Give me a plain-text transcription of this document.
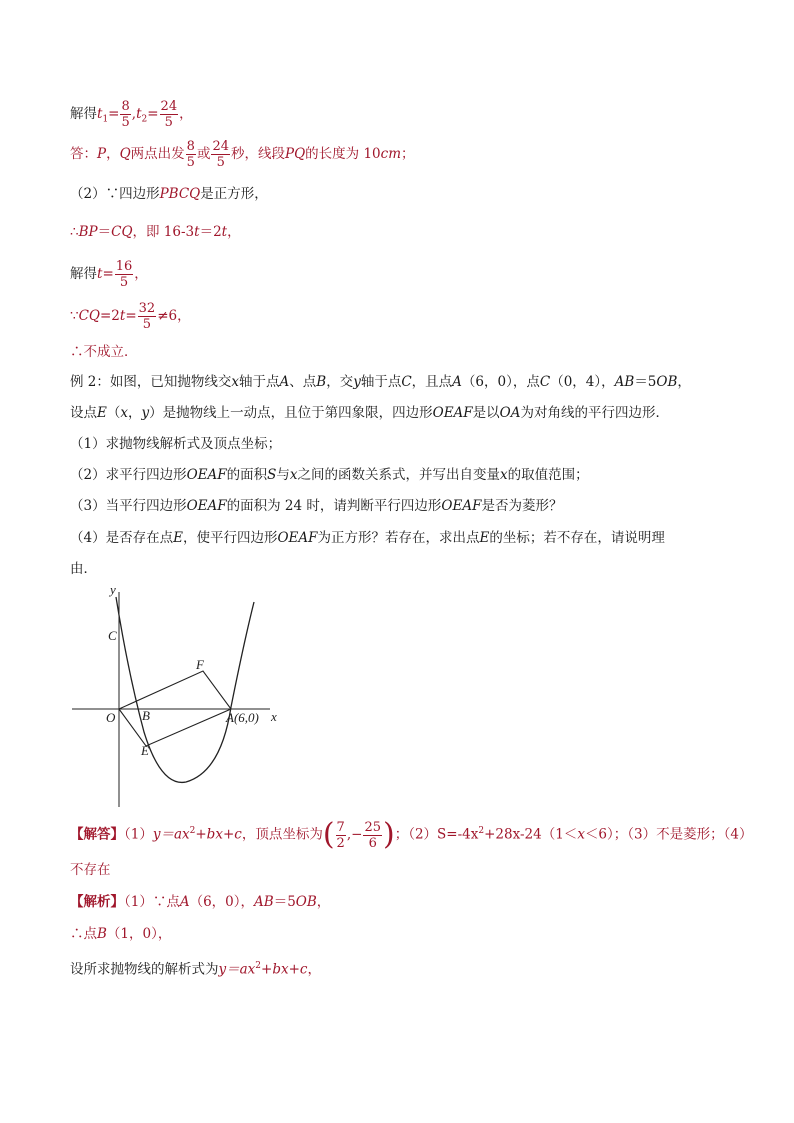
解得$t_1= \frac{8}{5} ,t_2= \frac{24}{5}$ ，
答：P，Q两点出发 $\frac{8}{5}$ 或 $\frac{24}{5}$ 秒，线段PQ的长度为 10cm；
（2）∵四边形PBCQ是正方形，
∴BP＝CQ，即 16-3t＝2t，
解得$t= \frac{16}{5}$ ，
∵CQ=2t= $\frac{32}{5} \ne 6$，
∴不成立．
例 2：如图，已知抛物线交x轴于点A、点B，交y轴于点C，且点A（6，0），点C（0，4），AB＝5OB，
设点E（x，y）是抛物线上一动点，且位于第四象限，四边形OEAF是以OA为对角线的平行四边形．
（1）求抛物线解析式及顶点坐标；
（2）求平行四边形OEAF的面积S与x之间的函数关系式，并写出自变量x的取值范围；
（3）当平行四边形OEAF的面积为 24 时，请判断平行四边形OEAF是否为菱形？
（4）是否存在点E，使平行四边形OEAF为正方形？若存在，求出点E的坐标；若不存在，请说明理
由．
y
x
C
F
O B	A(6,0)
E
【解答】$(1)y=ax^2+bx+c$，顶点坐标为( $\frac{7}{2}$ ,− $\frac{25}{6}$ )；$(2)S=-4x^2+28x-24(1<x<6)$；（3）不是菱形；（4）
不存在
【解析】（1）∵点A（6，0），AB＝5OB，
∴点B（1，0），
设所求抛物线的解析式为$y=ax^2+bx+c$，
